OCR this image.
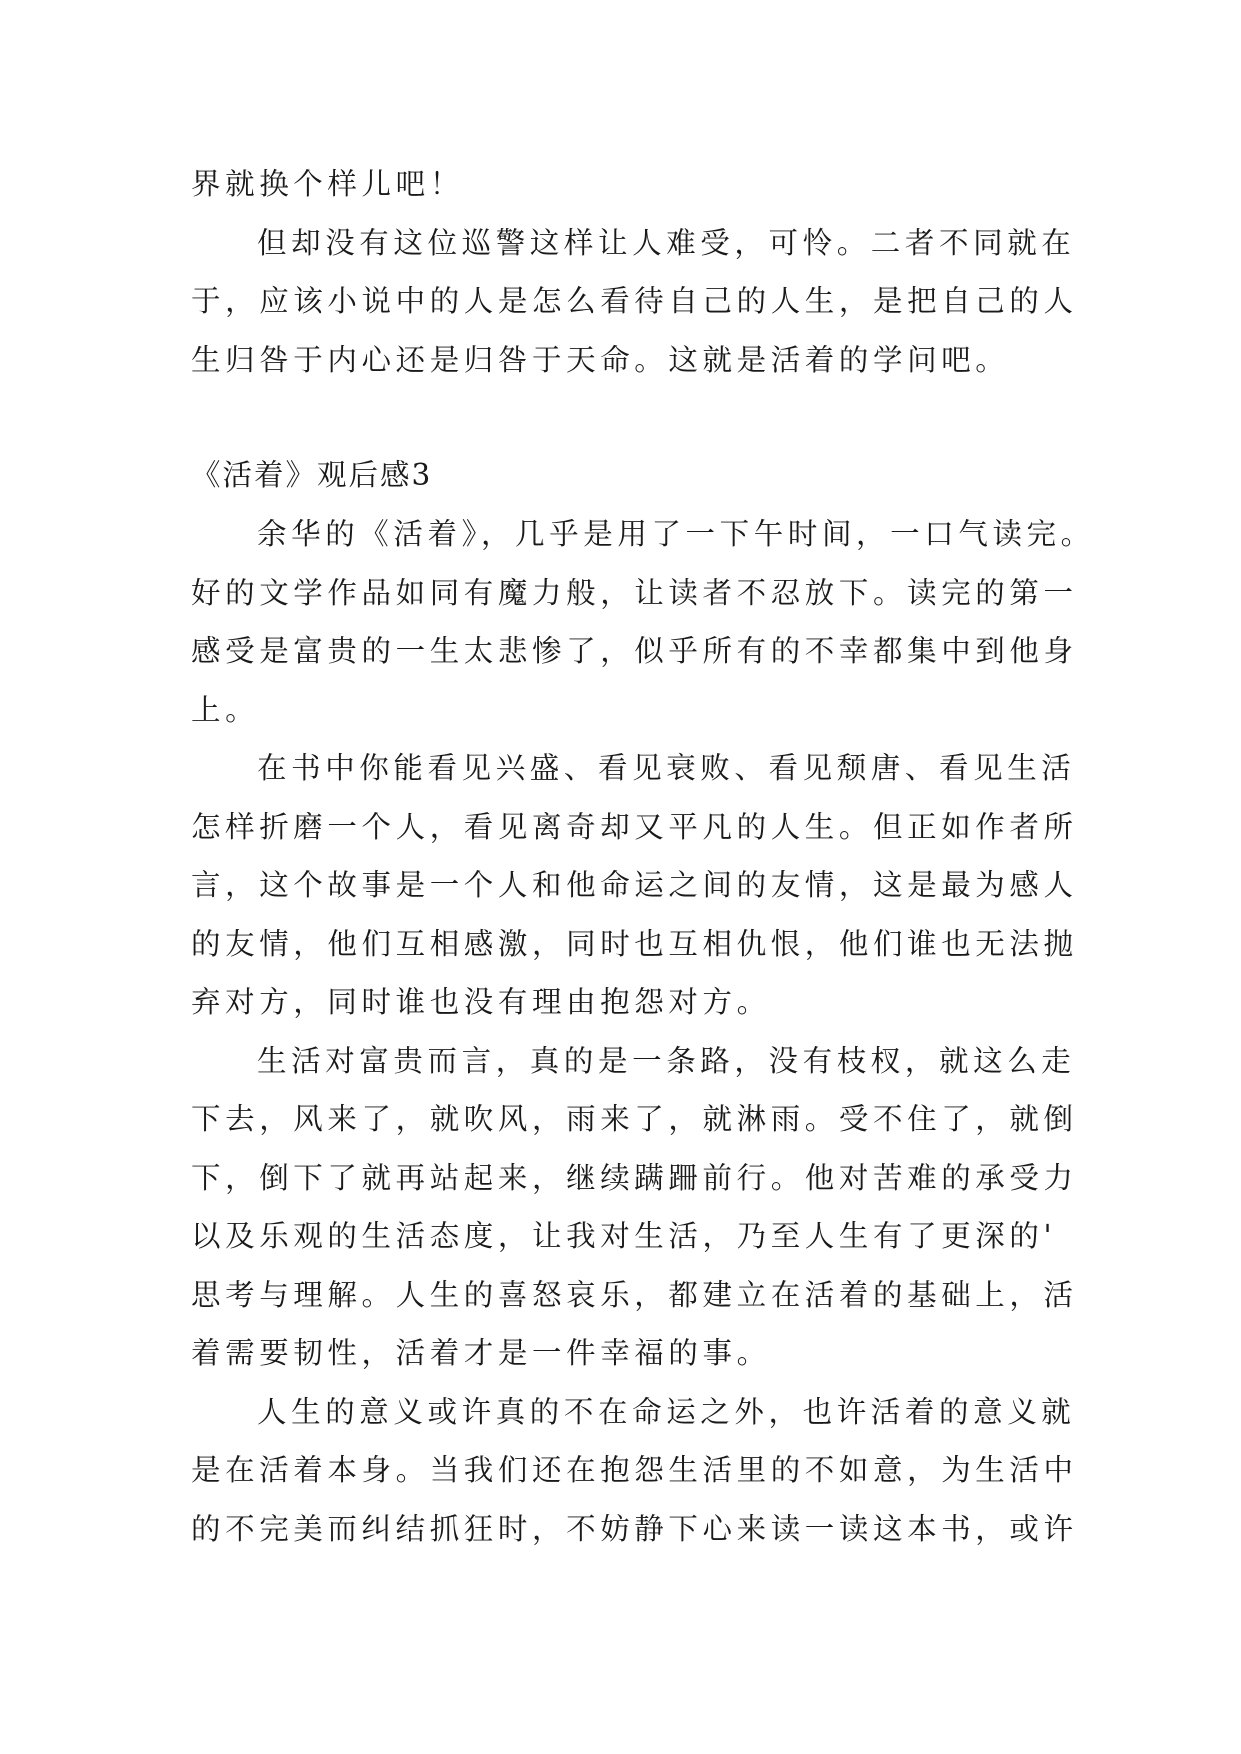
界就换个样儿吧！
但却没有这位巡警这样让人难受，可怜。二者不同就在
于，应该小说中的人是怎么看待自己的人生，是把自己的人
生归咎于内心还是归咎于天命。这就是活着的学问吧。
《活着》观后感3
余华的《活着》，几乎是用了一下午时间，一口气读完。
好的文学作品如同有魔力般，让读者不忍放下。读完的第一
感受是富贵的一生太悲惨了，似乎所有的不幸都集中到他身
上。
在书中你能看见兴盛、看见衰败、看见颓唐、看见生活
怎样折磨一个人，看见离奇却又平凡的人生。但正如作者所
言，这个故事是一个人和他命运之间的友情，这是最为感人
的友情，他们互相感激，同时也互相仇恨，他们谁也无法抛
弃对方，同时谁也没有理由抱怨对方。
生活对富贵而言，真的是一条路，没有枝杈，就这么走
下去，风来了，就吹风，雨来了，就淋雨。受不住了，就倒
下，倒下了就再站起来，继续蹒跚前行。他对苦难的承受力
以及乐观的生活态度，让我对生活，乃至人生有了更深的'
思考与理解。人生的喜怒哀乐，都建立在活着的基础上，活
着需要韧性，活着才是一件幸福的事。
人生的意义或许真的不在命运之外，也许活着的意义就
是在活着本身。当我们还在抱怨生活里的不如意，为生活中
的不完美而纠结抓狂时，不妨静下心来读一读这本书，或许
